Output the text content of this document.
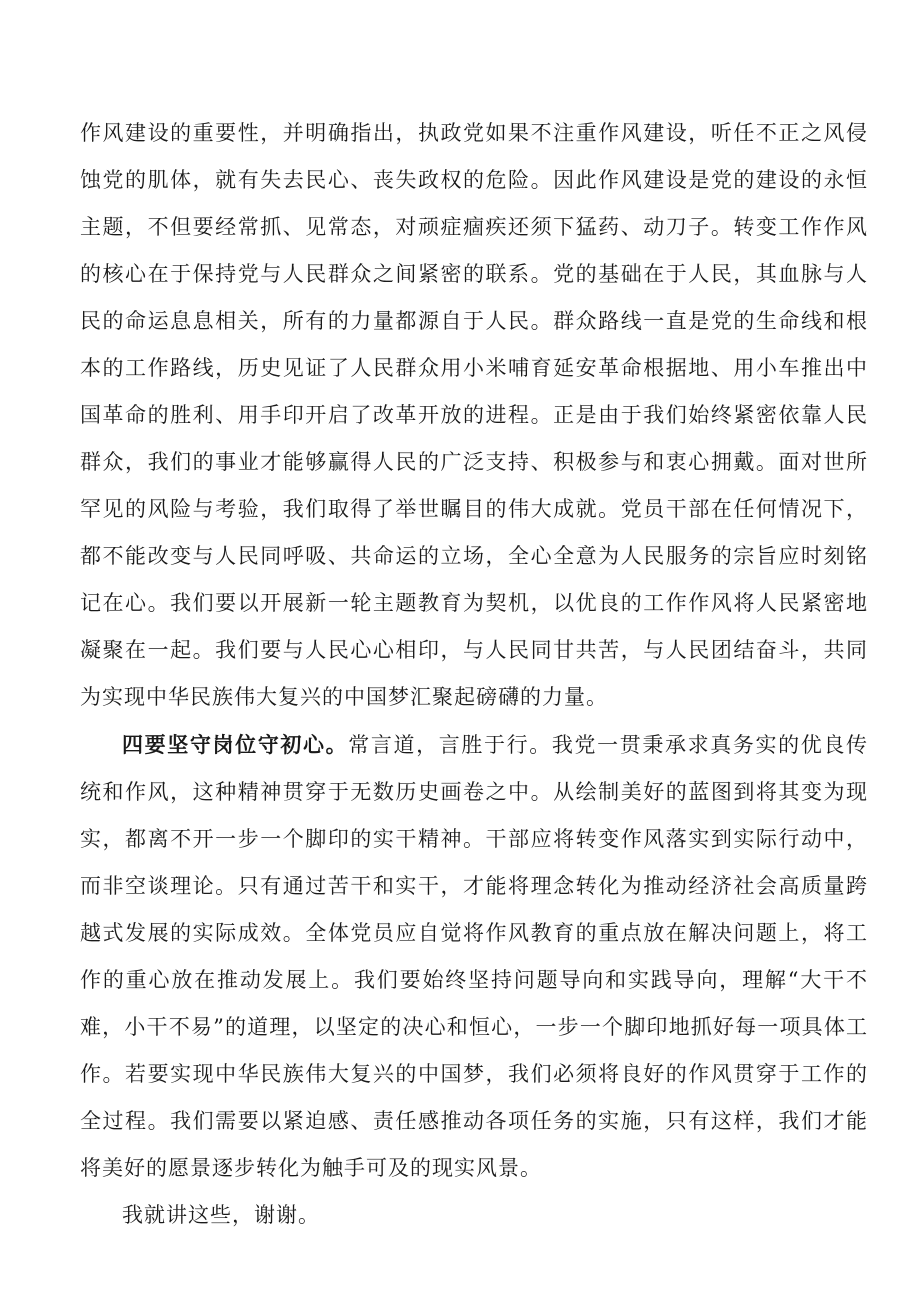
作风建设的重要性，并明确指出，执政党如果不注重作风建设，听任不正之风侵蚀党的肌体，就有失去民心、丧失政权的危险。因此作风建设是党的建设的永恒主题，不但要经常抓、见常态，对顽症痼疾还须下猛药、动刀子。转变工作作风的核心在于保持党与人民群众之间紧密的联系。党的基础在于人民，其血脉与人民的命运息息相关，所有的力量都源自于人民。群众路线一直是党的生命线和根本的工作路线，历史见证了人民群众用小米哺育延安革命根据地、用小车推出中国革命的胜利、用手印开启了改革开放的进程。正是由于我们始终紧密依靠人民群众，我们的事业才能够赢得人民的广泛支持、积极参与和衷心拥戴。面对世所罕见的风险与考验，我们取得了举世瞩目的伟大成就。党员干部在任何情况下，都不能改变与人民同呼吸、共命运的立场，全心全意为人民服务的宗旨应时刻铭记在心。我们要以开展新一轮主题教育为契机，以优良的工作作风将人民紧密地凝聚在一起。我们要与人民心心相印，与人民同甘共苦，与人民团结奋斗，共同为实现中华民族伟大复兴的中国梦汇聚起磅礴的力量。

四要坚守岗位守初心。常言道，言胜于行。我党一贯秉承求真务实的优良传统和作风，这种精神贯穿于无数历史画卷之中。从绘制美好的蓝图到将其变为现实，都离不开一步一个脚印的实干精神。干部应将转变作风落实到实际行动中，而非空谈理论。只有通过苦干和实干，才能将理念转化为推动经济社会高质量跨越式发展的实际成效。全体党员应自觉将作风教育的重点放在解决问题上，将工作的重心放在推动发展上。我们要始终坚持问题导向和实践导向，理解“大干不难，小干不易”的道理，以坚定的决心和恒心，一步一个脚印地抓好每一项具体工作。若要实现中华民族伟大复兴的中国梦，我们必须将良好的作风贯穿于工作的全过程。我们需要以紧迫感、责任感推动各项任务的实施，只有这样，我们才能将美好的愿景逐步转化为触手可及的现实风景。

我就讲这些，谢谢。
